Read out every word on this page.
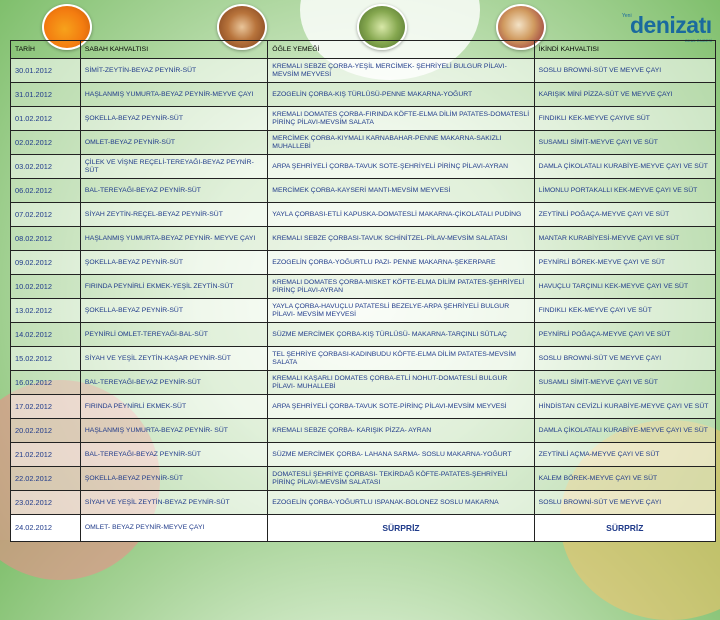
Yeni
denizatı
OKUL ÖNCESİ
TARİH	SABAH KAHVALTISI	ÖĞLE YEMEĞİ	İKİNDİ KAHVALTISI
30.01.2012	SİMİT-ZEYTİN-BEYAZ PEYNİR-SÜT	KREMALI SEBZE ÇORBA-YEŞİL MERCİMEK- ŞEHRİYELİ BULGUR PİLAVI-MEVSİM MEYVESİ	SOSLU BROWNİ-SÜT VE MEYVE ÇAYI
31.01.2012	HAŞLANMIŞ YUMURTA-BEYAZ PEYNİR-MEYVE ÇAYI	EZOGELİN ÇORBA-KIŞ TÜRLÜSÜ-PENNE MAKARNA-YOĞURT	KARIŞIK MİNİ PİZZA-SÜT VE MEYVE ÇAYI
01.02.2012	ŞOKELLA-BEYAZ PEYNİR-SÜT	KREMALI DOMATES ÇORBA-FIRINDA KÖFTE-ELMA DİLİM PATATES-DOMATESLİ PİRİNÇ PİLAVI-MEVSİM SALATA	FINDIKLI KEK-MEYVE ÇAYIVE SÜT
02.02.2012	OMLET-BEYAZ PEYNİR-SÜT	MERCİMEK ÇORBA-KIYMALI KARNABAHAR-PENNE MAKARNA-SAKIZLI MUHALLEBİ	SUSAMLI SİMİT-MEYVE ÇAYI VE SÜT
03.02.2012	ÇİLEK VE VİŞNE REÇELİ-TEREYAĞI-BEYAZ PEYNİR-SÜT	ARPA ŞEHRİYELİ ÇORBA-TAVUK SOTE-ŞEHRİYELİ PİRİNÇ PİLAVI-AYRAN	DAMLA ÇİKOLATALI KURABİYE-MEYVE ÇAYI VE SÜT
06.02.2012	BAL-TEREYAĞI-BEYAZ PEYNİR-SÜT	MERCİMEK ÇORBA-KAYSERİ MANTI-MEVSİM MEYVESİ	LİMONLU PORTAKALLI KEK-MEYVE ÇAYI VE SÜT
07.02.2012	SİYAH ZEYTİN-REÇEL-BEYAZ PEYNİR-SÜT	YAYLA ÇORBASI-ETLİ KAPUSKA-DOMATESLİ MAKARNA-ÇİKOLATALI PUDİNG	ZEYTİNLİ POĞAÇA-MEYVE ÇAYI VE SÜT
08.02.2012	HAŞLANMIŞ YUMURTA-BEYAZ PEYNİR- MEYVE ÇAYI	KREMALI SEBZE ÇORBASI-TAVUK SCHİNİTZEL-PİLAV-MEVSİM SALATASI	MANTAR KURABİYESİ-MEYVE ÇAYI VE SÜT
09.02.2012	ŞOKELLA-BEYAZ PEYNİR-SÜT	EZOGELİN ÇORBA-YOĞURTLU PAZI- PENNE MAKARNA-ŞEKERPARE	PEYNİRLİ BÖREK-MEYVE ÇAYI VE SÜT
10.02.2012	FIRINDA PEYNİRLİ EKMEK-YEŞİL ZEYTİN-SÜT	KREMALI DOMATES ÇORBA-MISKET KÖFTE-ELMA DİLİM PATATES-ŞEHRİYELİ PİRİNÇ PİLAVI-AYRAN	HAVUÇLU TARÇINLI KEK-MEYVE ÇAYI VE SÜT
13.02.2012	ŞOKELLA-BEYAZ PEYNİR-SÜT	YAYLA ÇORBA-HAVUÇLU PATATESLİ BEZELYE-ARPA ŞEHRİYELİ BULGUR PİLAVI- MEVSİM MEYVESİ	FINDIKLI KEK-MEYVE ÇAYI VE SÜT
14.02.2012	PEYNİRLİ OMLET-TEREYAĞI-BAL-SÜT	SÜZME MERCİMEK ÇORBA-KIŞ TÜRLÜSÜ- MAKARNA-TARÇINLI SÜTLAÇ	PEYNİRLİ POĞAÇA-MEYVE ÇAYI VE SÜT
15.02.2012	SİYAH VE YEŞİL ZEYTİN-KAŞAR PEYNİR-SÜT	TEL ŞEHRİYE ÇORBASI-KADINBUDU KÖFTE-ELMA DİLİM PATATES-MEVSİM SALATA	SOSLU BROWNİ-SÜT VE MEYVE ÇAYI
16.02.2012	BAL-TEREYAĞI-BEYAZ PEYNİR-SÜT	KREMALI KAŞARLI DOMATES ÇORBA-ETLİ NOHUT-DOMATESLİ BULGUR PİLAVI- MUHALLEBİ	SUSAMLI SİMİT-MEYVE ÇAYI VE SÜT
17.02.2012	FIRINDA PEYNİRLİ EKMEK-SÜT	ARPA ŞEHRİYELİ ÇORBA-TAVUK SOTE-PİRİNÇ PİLAVI-MEVSİM MEYVESİ	HİNDİSTAN CEVİZLİ KURABİYE-MEYVE ÇAYI VE SÜT
20.02.2012	HAŞLANMIŞ YUMURTA-BEYAZ PEYNİR- SÜT	KREMALI SEBZE ÇORBA- KARIŞIK PİZZA- AYRAN	DAMLA ÇİKOLATALI KURABİYE-MEYVE ÇAYI VE SÜT
21.02.2012	BAL-TEREYAĞI-BEYAZ PEYNİR-SÜT	SÜZME MERCİMEK ÇORBA- LAHANA SARMA- SOSLU MAKARNA-YOĞURT	ZEYTİNLİ AÇMA-MEYVE ÇAYI VE SÜT
22.02.2012	ŞOKELLA-BEYAZ PEYNİR-SÜT	DOMATESLİ ŞEHRİYE ÇORBASI- TEKİRDAĞ KÖFTE-PATATES-ŞEHRİYELİ PİRİNÇ PİLAVI-MEVSİM SALATASI	KALEM BÖREK-MEYVE ÇAYI VE SÜT
23.02.2012	SİYAH VE YEŞİL ZEYTİN-BEYAZ PEYNİR-SÜT	EZOGELİN ÇORBA-YOĞURTLU ISPANAK-BOLONEZ SOSLU MAKARNA	SOSLU BROWNİ-SÜT VE MEYVE ÇAYI
24.02.2012	OMLET- BEYAZ PEYNİR-MEYVE ÇAYI	SÜRPRİZ	SÜRPRİZ
